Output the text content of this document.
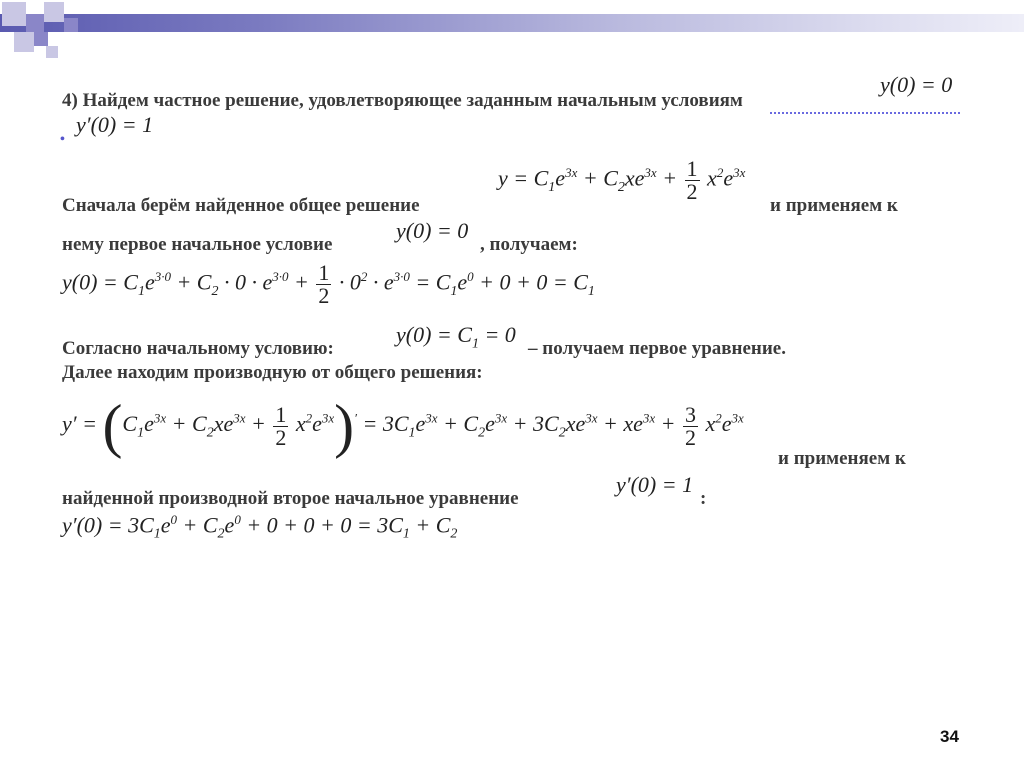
4) Найдем частное решение, удовлетворяющее заданным начальным условиям
y(0) = 0
y′(0) = 1
•
$y = C_1e^{3x} + C_2xe^{3x} + \frac{1}{2} x^2e^{3x}$
Сначала берём найденное общее решение	и применяем к
нему первое начальное условие
y(0) = 0
, получаем:
$y(0) = C_1e^{3\cdot 0} + C_2 \cdot 0 \cdot e^{3\cdot 0} + \frac{1}{2} \cdot 0^2 \cdot e^{3\cdot 0} = C_1e^0 + 0 + 0 = C_1$
Согласно начальному условию:
$y(0) = C_1 = 0$
– получаем первое уравнение.
Далее находим производную от общего решения:
$y' = (C_1e^{3x} + C_2xe^{3x} + \frac{1}{2} x^2e^{3x})' = 3C_1e^{3x} + C_2e^{3x} + 3C_2xe^{3x} + xe^{3x} + \frac{3}{2} x^2e^{3x}$
и применяем к
найденной производной второе начальное уравнение
y′(0) = 1
:
$y'(0) = 3C_1e^0 + C_2e^0 + 0 + 0 + 0 = 3C_1 + C_2$
34
